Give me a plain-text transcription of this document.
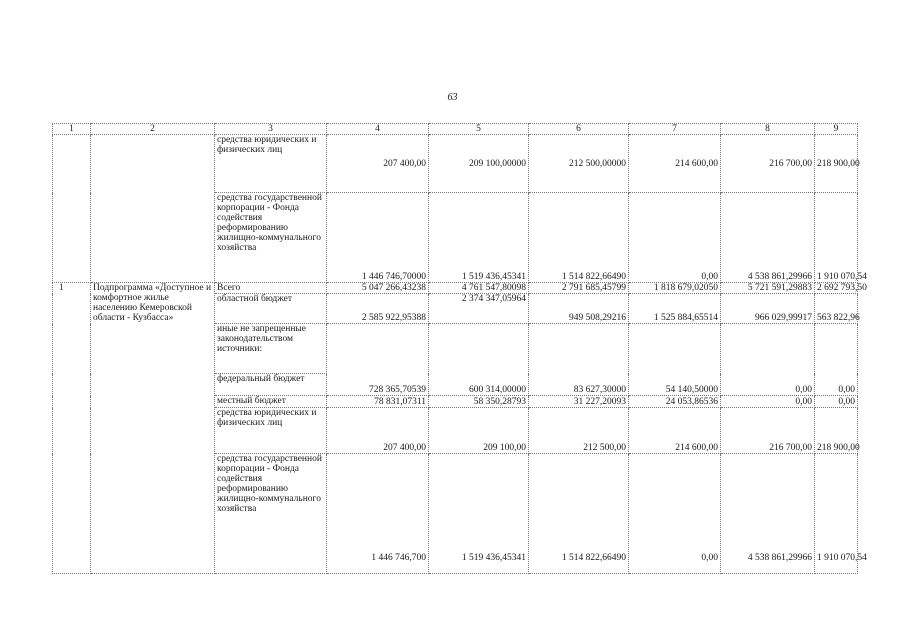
63
1	2	3	4	5	6	7	8	9
		средства юридических и физических лиц	207 400,00	209 100,00000	212 500,00000	214 600,00	216 700,00	218 900,00
		средства государственной корпорации - Фонда содействия реформированию жилищно-коммунального хозяйства	1 446 746,70000	1 519 436,45341	1 514 822,66490	0,00	4 538 861,29966	1 910 070,54
1	Подпрограмма «Доступное и комфортное жилье населению Кемеровской области - Кузбасса»	Всего	5 047 266,43238	4 761 547,80098	2 791 685,45799	1 818 679,02050	5 721 591,29883	2 692 793,50
		областной бюджет	2 585 922,95388	2 374 347,05964	949 508,29216	1 525 884,65514	966 029,99917	563 822,96
		иные не запрещенные законодательством источники:						
		федеральный бюджет	728 365,70539	600 314,00000	83 627,30000	54 140,50000	0,00	0,00
		местный бюджет	78 831,07311	58 350,28793	31 227,20093	24 053,86536	0,00	0,00
		средства юридических и физических лиц	207 400,00	209 100,00	212 500,00	214 600,00	216 700,00	218 900,00
		средства государственной корпорации - Фонда содействия реформированию жилищно-коммунального хозяйства	1 446 746,700	1 519 436,45341	1 514 822,66490	0,00	4 538 861,29966	1 910 070,54
